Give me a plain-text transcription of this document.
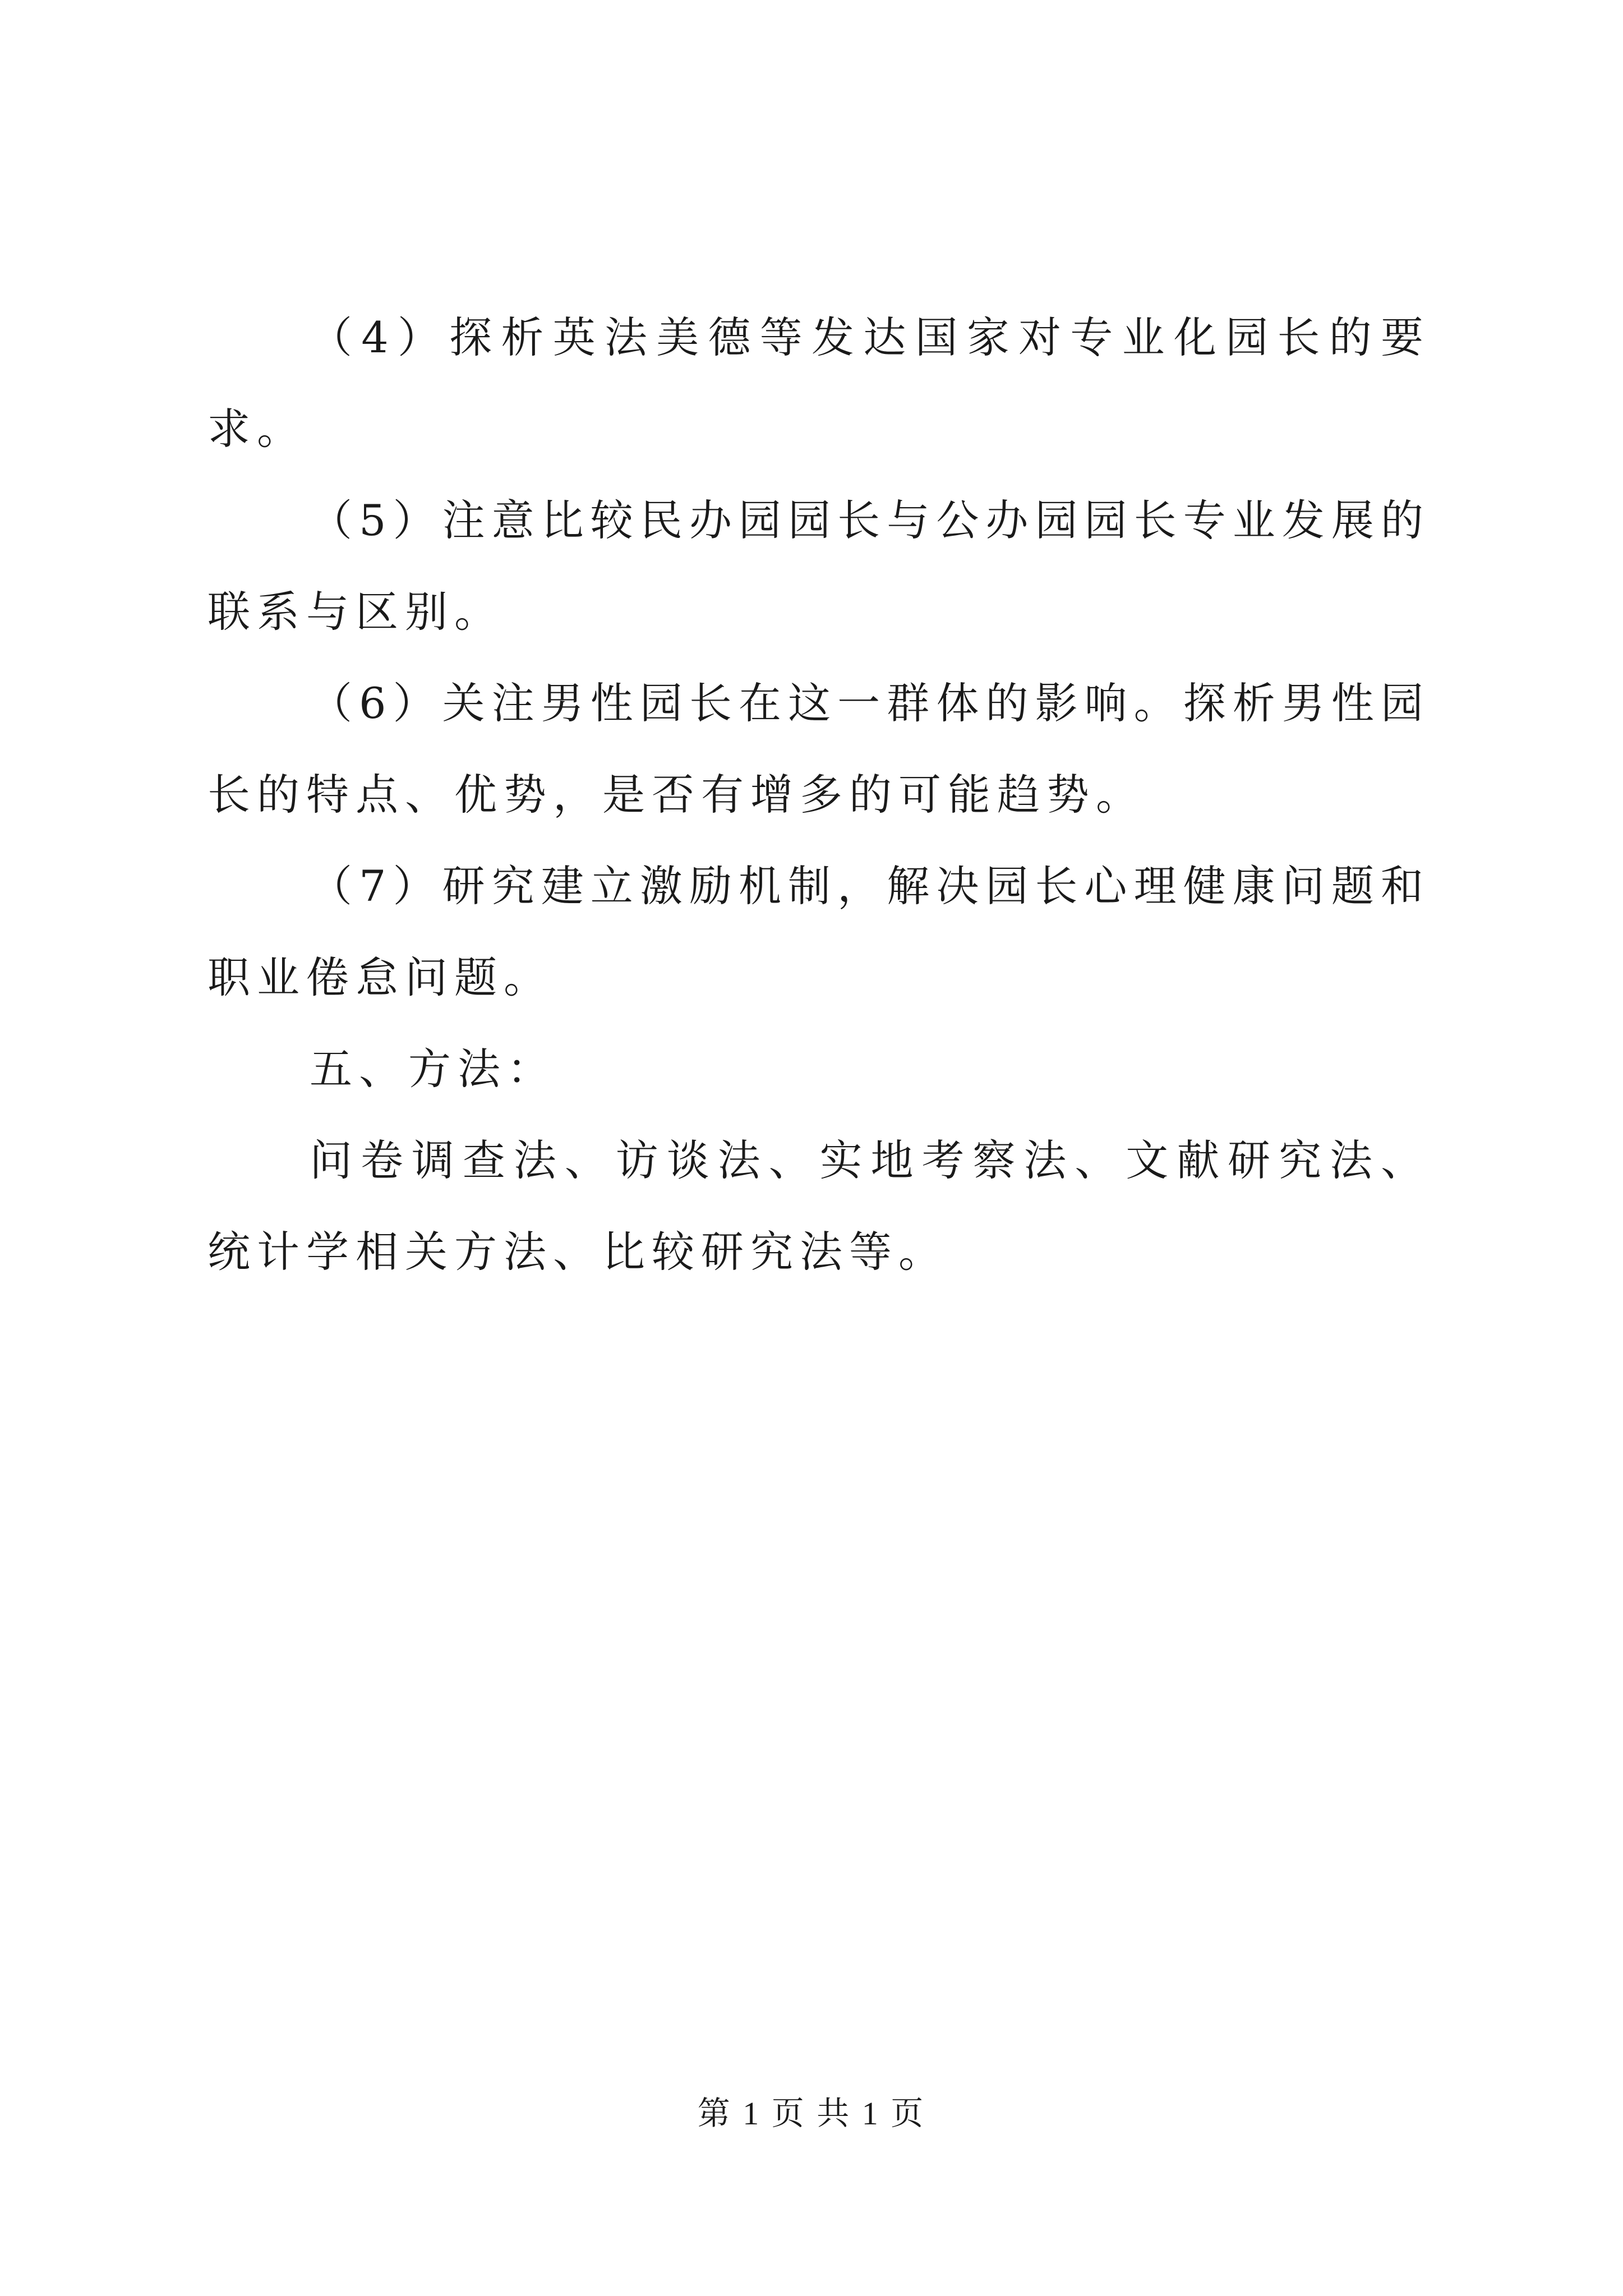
（4）探析英法美德等发达国家对专业化园长的要求。

（5）注意比较民办园园长与公办园园长专业发展的联系与区别。

（6）关注男性园长在这一群体的影响。探析男性园长的特点、优势，是否有增多的可能趋势。

（7）研究建立激励机制，解决园长心理健康问题和职业倦怠问题。

五、方法：

问卷调查法、访谈法、实地考察法、文献研究法、统计学相关方法、比较研究法等。

第 1 页 共 1 页
